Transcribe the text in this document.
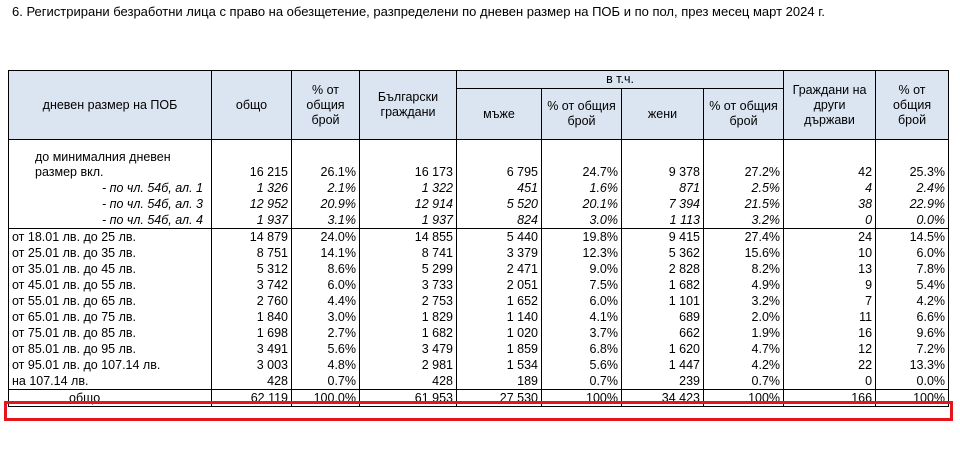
6. Регистрирани безработни лица с право на обезщетение, разпределени по дневен размер на ПОБ и по пол, през месец март 2024 г.
дневен размер на ПОБ	общо	% от общия брой	Български граждани	в т.ч.				Граждани на други държави	% от общия брой
				мъже	% от общия брой	жени	% от общия брой		

до минималния дневен размер вкл.	16 215	26.1%	16 173	6 795	24.7%	9 378	27.2%	42	25.3%
- по чл. 54б, ал. 1	1 326	2.1%	1 322	451	1.6%	871	2.5%	4	2.4%
- по чл. 54б, ал. 3	12 952	20.9%	12 914	5 520	20.1%	7 394	21.5%	38	22.9%
- по чл. 54б, ал. 4	1 937	3.1%	1 937	824	3.0%	1 113	3.2%	0	0.0%
от 18.01 лв. до 25 лв.	14 879	24.0%	14 855	5 440	19.8%	9 415	27.4%	24	14.5%
от 25.01 лв. до 35 лв.	8 751	14.1%	8 741	3 379	12.3%	5 362	15.6%	10	6.0%
от 35.01 лв. до 45 лв.	5 312	8.6%	5 299	2 471	9.0%	2 828	8.2%	13	7.8%
от 45.01 лв. до 55 лв.	3 742	6.0%	3 733	2 051	7.5%	1 682	4.9%	9	5.4%
от 55.01 лв. до 65 лв.	2 760	4.4%	2 753	1 652	6.0%	1 101	3.2%	7	4.2%
от 65.01 лв. до 75 лв.	1 840	3.0%	1 829	1 140	4.1%	689	2.0%	11	6.6%
от 75.01 лв. до 85 лв.	1 698	2.7%	1 682	1 020	3.7%	662	1.9%	16	9.6%
от 85.01 лв. до 95 лв.	3 491	5.6%	3 479	1 859	6.8%	1 620	4.7%	12	7.2%
от 95.01 лв. до 107.14 лв.	3 003	4.8%	2 981	1 534	5.6%	1 447	4.2%	22	13.3%
на 107.14 лв.	428	0.7%	428	189	0.7%	239	0.7%	0	0.0%
общо	62 119	100.0%	61 953	27 530	100%	34 423	100%	166	100%
